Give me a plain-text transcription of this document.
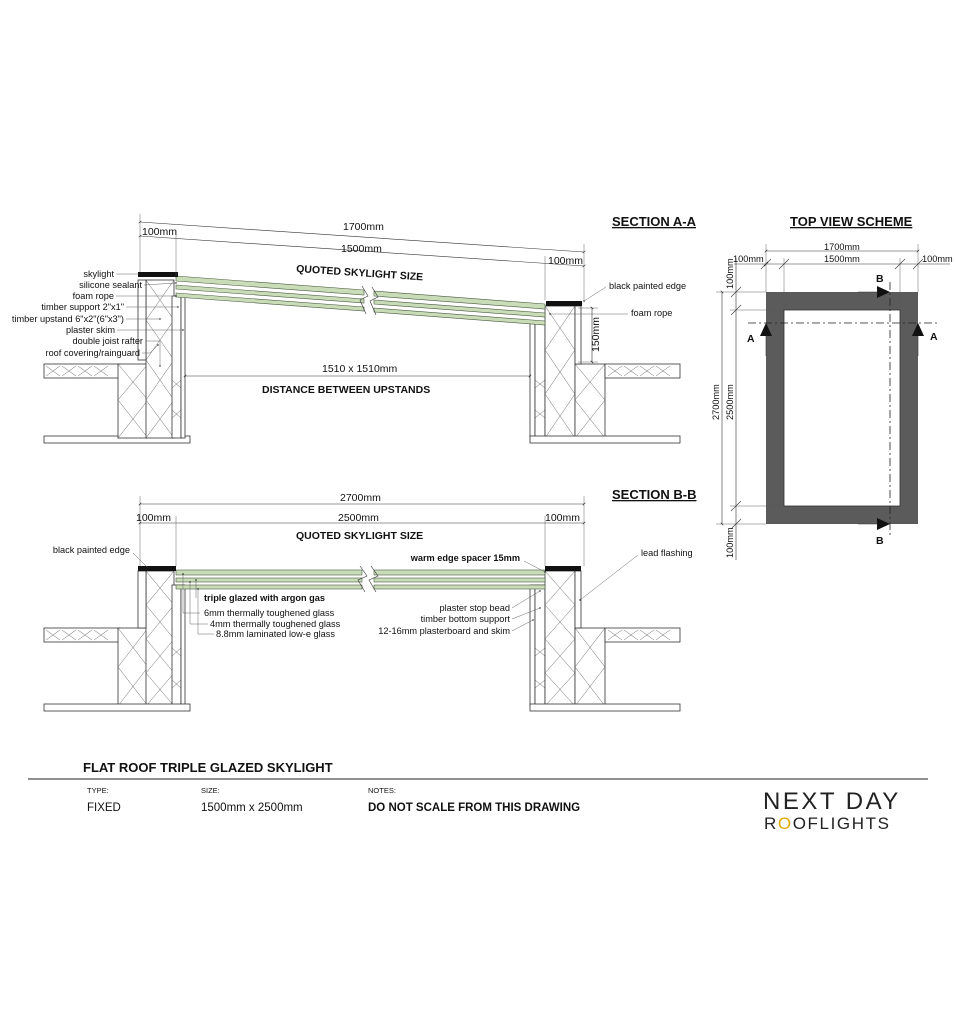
SECTION A-A
1700mm
100mm
1500mm
100mm
QUOTED SKYLIGHT SIZE
150mm
1510 x 1510mm
DISTANCE BETWEEN UPSTANDS
skylight
silicone sealant
foam rope
timber support 2"x1"
timber upstand 6"x2"(6"x3")
plaster skim
double joist rafter
roof covering/rainguard
black painted edge
foam rope
TOP VIEW SCHEME
A	A
B
B
1700mm
1500mm
100mm	100mm
2700mm 2500mm
100mm
100mm
SECTION B-B
2700mm
100mm	2500mm	100mm
QUOTED SKYLIGHT SIZE
black painted edge
warm edge spacer 15mm	lead flashing
triple glazed with argon gas
6mm thermally toughened glass
4mm thermally toughened glass
8.8mm laminated low-e glass
plaster stop bead
timber bottom support
12-16mm plasterboard and skim
FLAT ROOF TRIPLE GLAZED SKYLIGHT
TYPE:
FIXED
SIZE:
1500mm x 2500mm
NOTES:
DO NOT SCALE FROM THIS DRAWING	NEXT DAY
ROOFLIGHTS
